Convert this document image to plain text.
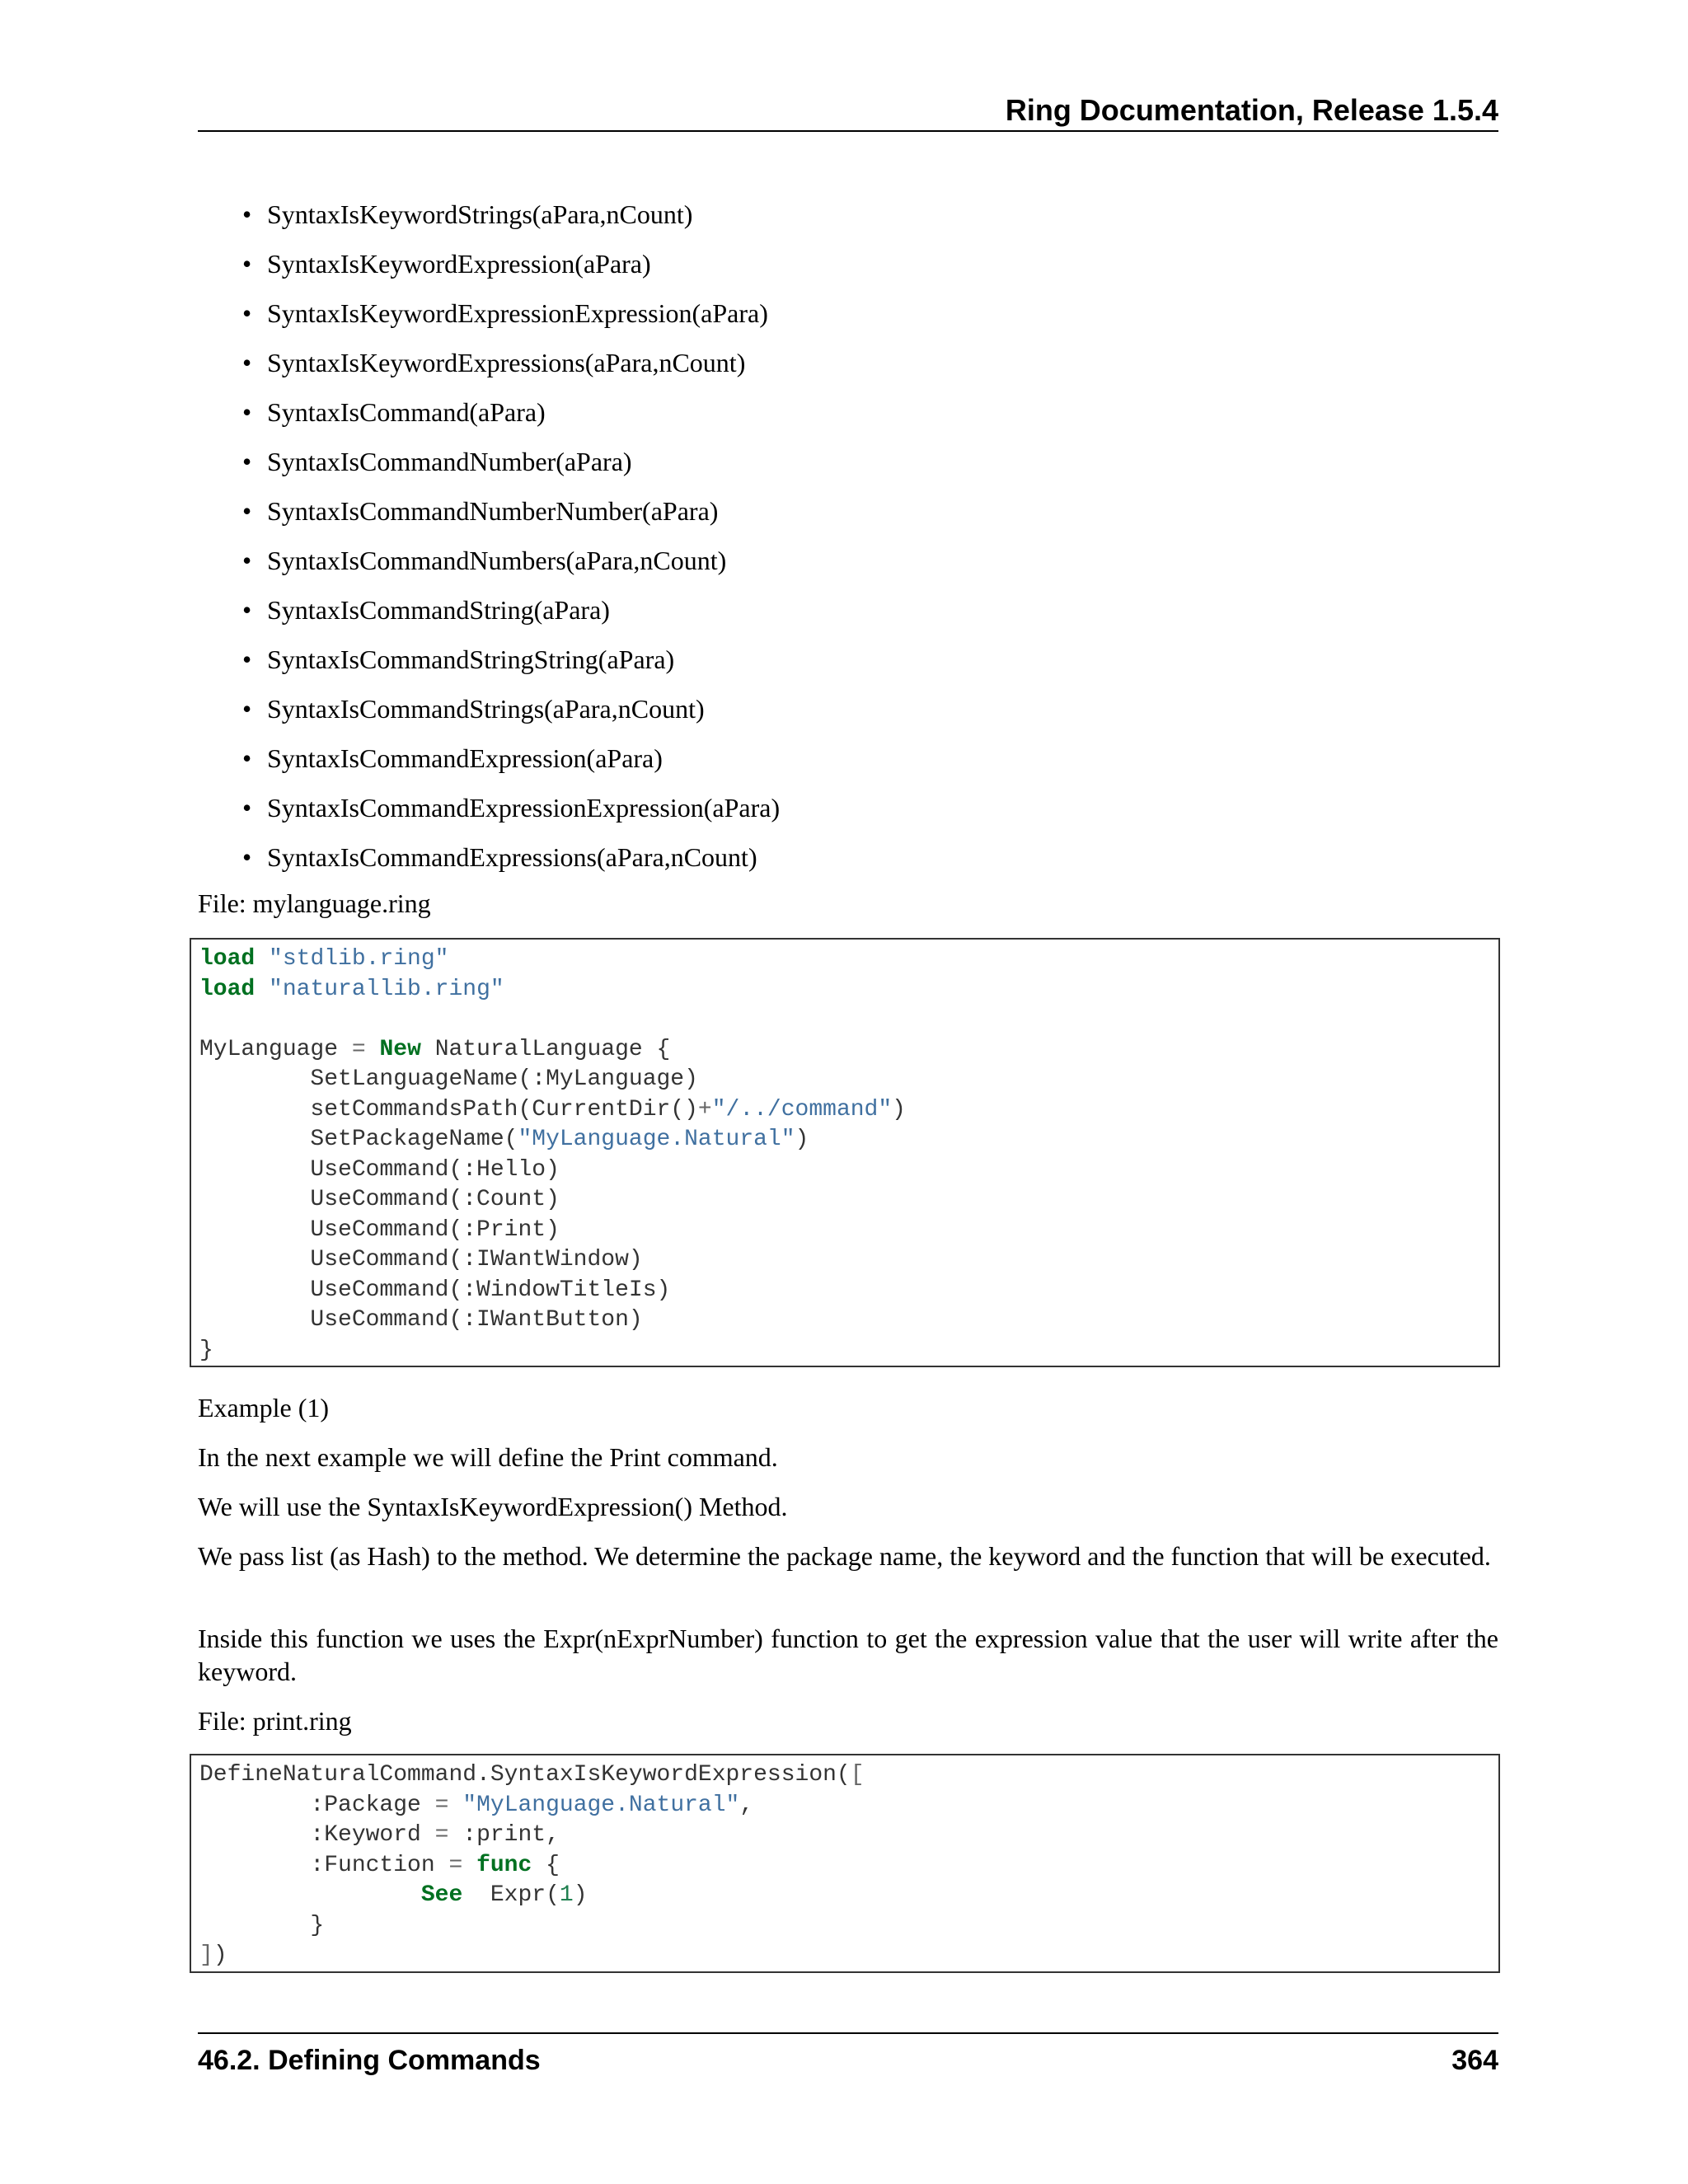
Ring Documentation, Release 1.5.4
• SyntaxIsKeywordStrings(aPara,nCount)
• SyntaxIsKeywordExpression(aPara)
• SyntaxIsKeywordExpressionExpression(aPara)
• SyntaxIsKeywordExpressions(aPara,nCount)
• SyntaxIsCommand(aPara)
• SyntaxIsCommandNumber(aPara)
• SyntaxIsCommandNumberNumber(aPara)
• SyntaxIsCommandNumbers(aPara,nCount)
• SyntaxIsCommandString(aPara)
• SyntaxIsCommandStringString(aPara)
• SyntaxIsCommandStrings(aPara,nCount)
• SyntaxIsCommandExpression(aPara)
• SyntaxIsCommandExpressionExpression(aPara)
• SyntaxIsCommandExpressions(aPara,nCount)

File: mylanguage.ring

load "stdlib.ring"
load "naturallib.ring"

MyLanguage = New NaturalLanguage {
SetLanguageName(:MyLanguage)
setCommandsPath(CurrentDir()+"/../command")
SetPackageName("MyLanguage.Natural")
UseCommand(:Hello)
UseCommand(:Count)
UseCommand(:Print)
UseCommand(:IWantWindow)
UseCommand(:WindowTitleIs)
UseCommand(:IWantButton)
}

Example (1)

In the next example we will define the Print command.

We will use the SyntaxIsKeywordExpression() Method.

We pass list (as Hash) to the method. We determine the package name, the keyword and the function that will be executed.

Inside this function we uses the Expr(nExprNumber) function to get the expression value that the user will write after the keyword.

File: print.ring

DefineNaturalCommand.SyntaxIsKeywordExpression([
:Package = "MyLanguage.Natural",
:Keyword = :print,
:Function = func {
See  Expr(1)
}
])
46.2. Defining Commands	364
